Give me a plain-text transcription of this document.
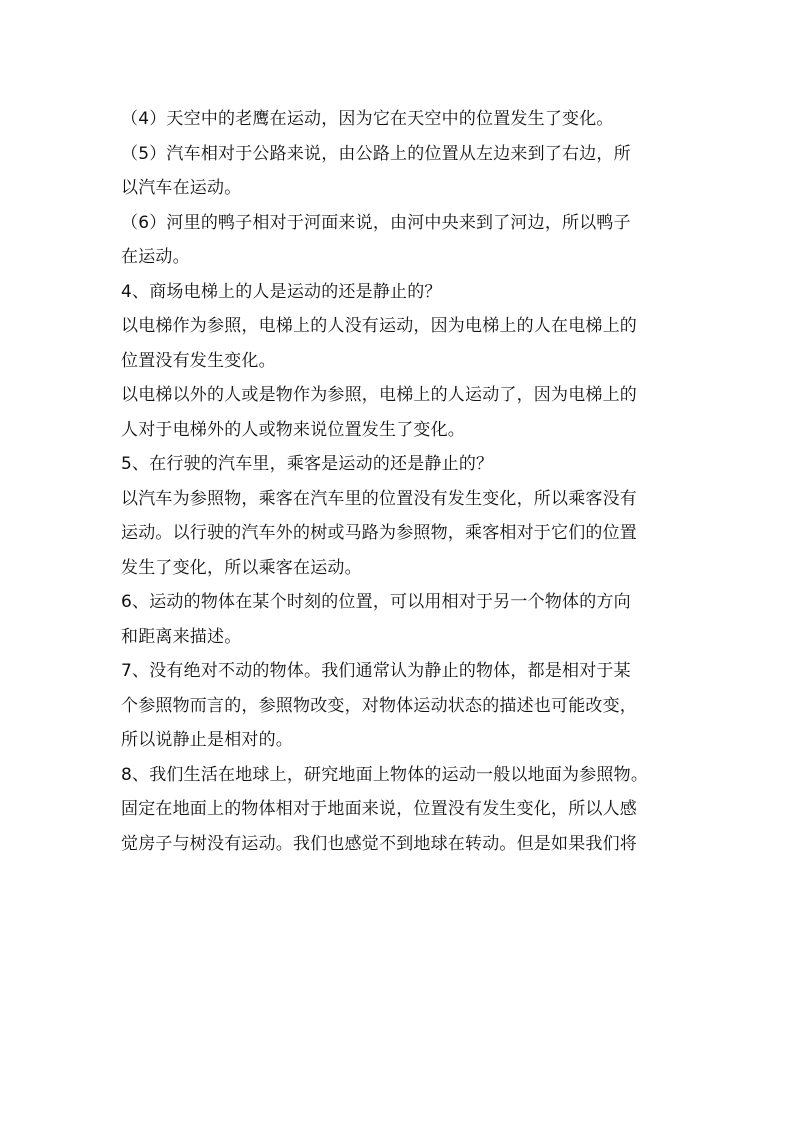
（4）天空中的老鹰在运动，因为它在天空中的位置发生了变化。
（5）汽车相对于公路来说，由公路上的位置从左边来到了右边，所
以汽车在运动。
（6）河里的鸭子相对于河面来说，由河中央来到了河边，所以鸭子
在运动。
4、商场电梯上的人是运动的还是静止的？
以电梯作为参照，电梯上的人没有运动，因为电梯上的人在电梯上的
位置没有发生变化。
以电梯以外的人或是物作为参照，电梯上的人运动了，因为电梯上的
人对于电梯外的人或物来说位置发生了变化。
5、在行驶的汽车里，乘客是运动的还是静止的？
以汽车为参照物，乘客在汽车里的位置没有发生变化，所以乘客没有
运动。以行驶的汽车外的树或马路为参照物，乘客相对于它们的位置
发生了变化，所以乘客在运动。
6、运动的物体在某个时刻的位置，可以用相对于另一个物体的方向
和距离来描述。
7、没有绝对不动的物体。我们通常认为静止的物体，都是相对于某
个参照物而言的，参照物改变，对物体运动状态的描述也可能改变，
所以说静止是相对的。
8、我们生活在地球上，研究地面上物体的运动一般以地面为参照物。
固定在地面上的物体相对于地面来说，位置没有发生变化，所以人感
觉房子与树没有运动。我们也感觉不到地球在转动。但是如果我们将
